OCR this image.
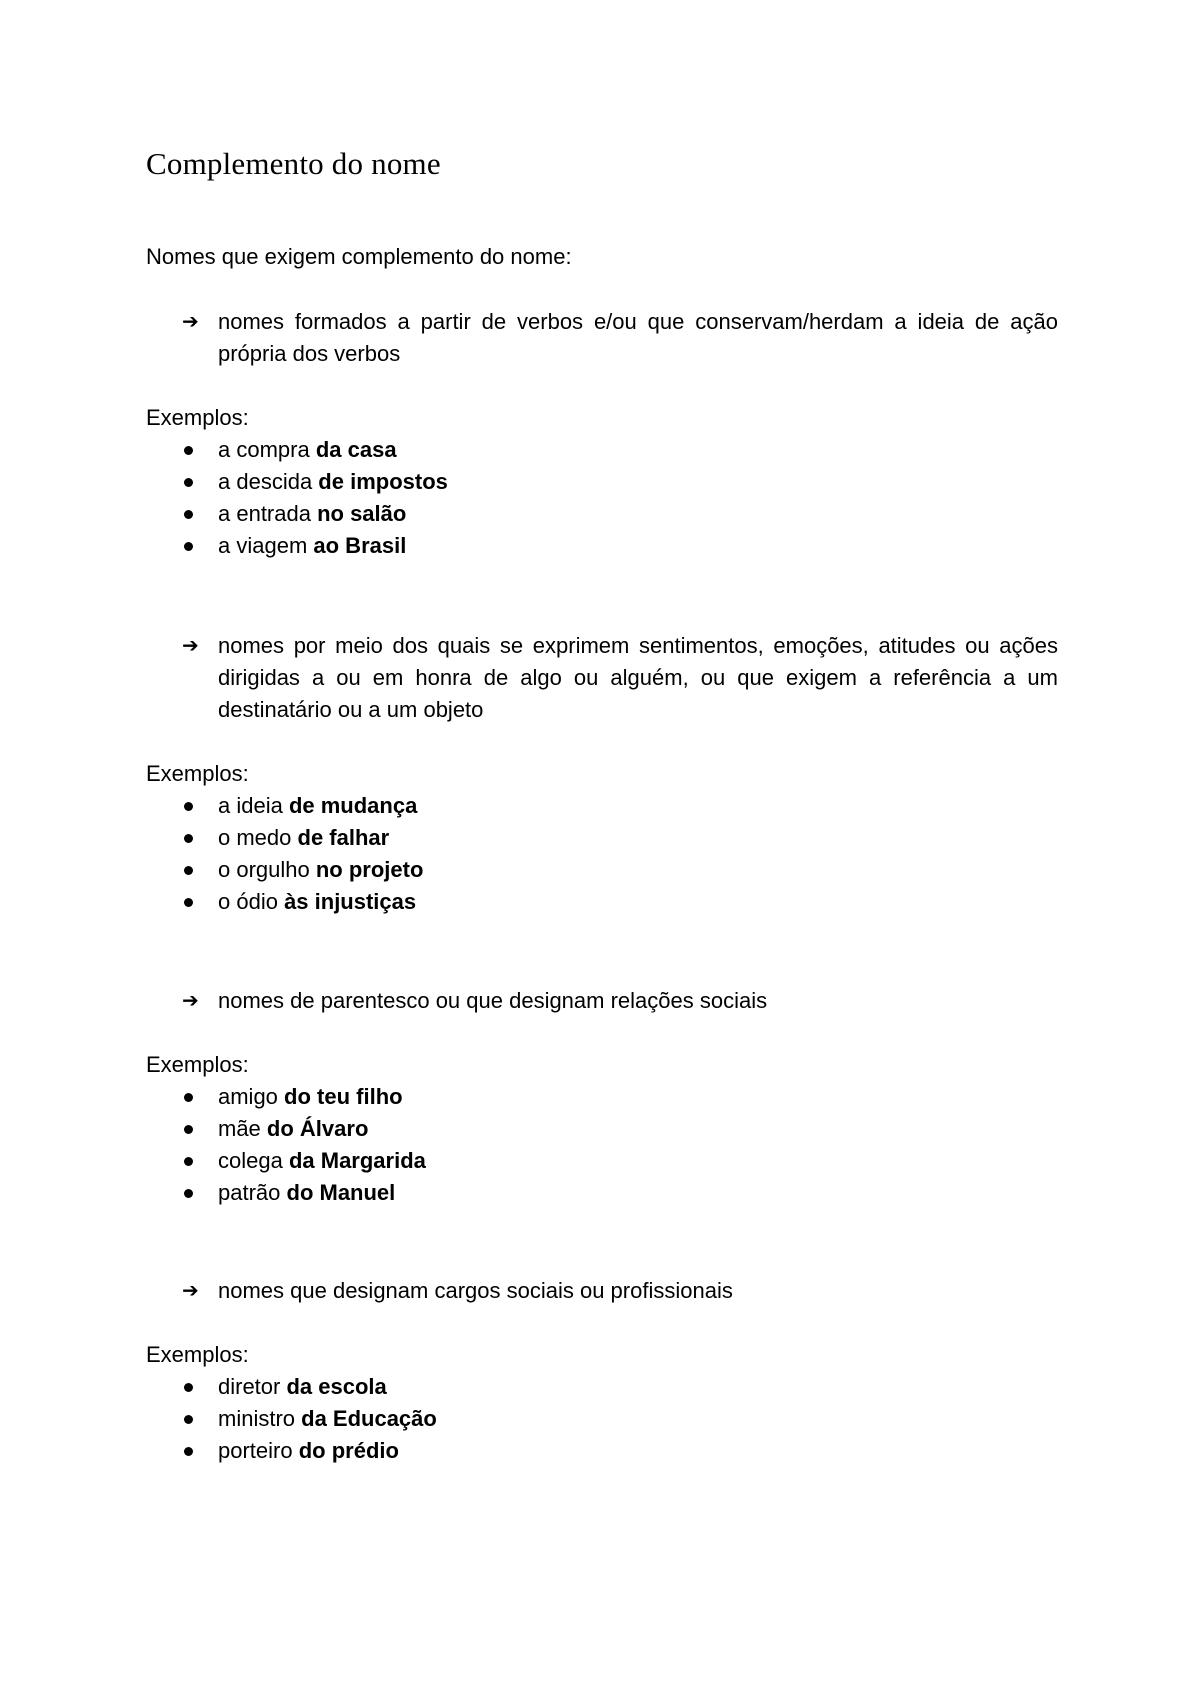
Complemento do nome

Nomes que exigem complemento do nome:

➔ nomes formados a partir de verbos e/ou que conservam/herdam a ideia de ação própria dos verbos
Exemplos:
a compra da casa
a descida de impostos
a entrada no salão
a viagem ao Brasil
➔ nomes por meio dos quais se exprimem sentimentos, emoções, atitudes ou ações dirigidas a ou em honra de algo ou alguém, ou que exigem a referência a um destinatário ou a um objeto
Exemplos:
a ideia de mudança
o medo de falhar
o orgulho no projeto
o ódio às injustiças
➔ nomes de parentesco ou que designam relações sociais
Exemplos:
amigo do teu filho
mãe do Álvaro
colega da Margarida
patrão do Manuel
➔ nomes que designam cargos sociais ou profissionais
Exemplos:
diretor da escola
ministro da Educação
porteiro do prédio
